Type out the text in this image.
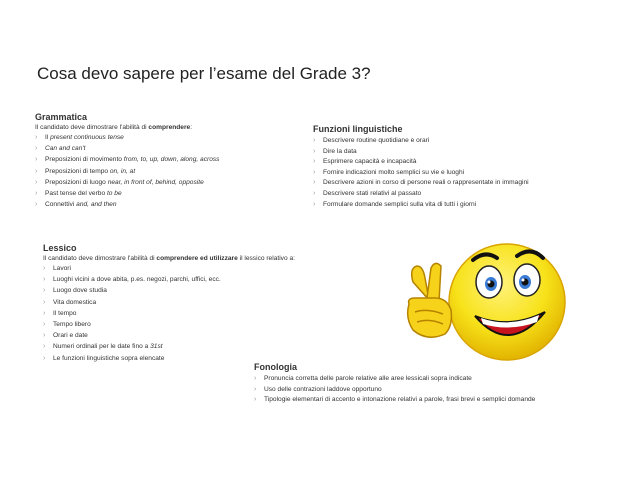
Cosa devo sapere per l’esame del Grade 3?
Grammatica

Il candidato deve dimostrare l'abilità di comprendere:

› Il present continuous tense
› Can and can't
› Preposizioni di movimento from, to, up, down, along, across
› Preposizioni di tempo on, in, at
› Preposizioni di luogo near, in front of, behind, opposite
› Past tense del verbo to be
› Connettivi and, and then
Funzioni linguistiche
› Descrivere routine quotidiane e orari
› Dire la data
› Esprimere capacità e incapacità
› Fornire indicazioni molto semplici su vie e luoghi
› Descrivere azioni in corso di persone reali o rappresentate in immagini
› Descrivere stati relativi al passato
› Formulare domande semplici sulla vita di tutti i giorni
Lessico

Il candidato deve dimostrare l'abilità di comprendere ed utilizzare il lessico relativo a:

› Lavori
› Luoghi vicini a dove abita, p.es. negozi, parchi, uffici, ecc.
› Luogo dove studia
› Vita domestica
› Il tempo
› Tempo libero
› Orari e date
› Numeri ordinali per le date fino a 31st
› Le funzioni linguistiche sopra elencate
Fonologia
› Pronuncia corretta delle parole relative alle aree lessicali sopra indicate
› Uso delle contrazioni laddove opportuno
› Tipologie elementari di accento e intonazione relativi a parole, frasi brevi e semplici domande
